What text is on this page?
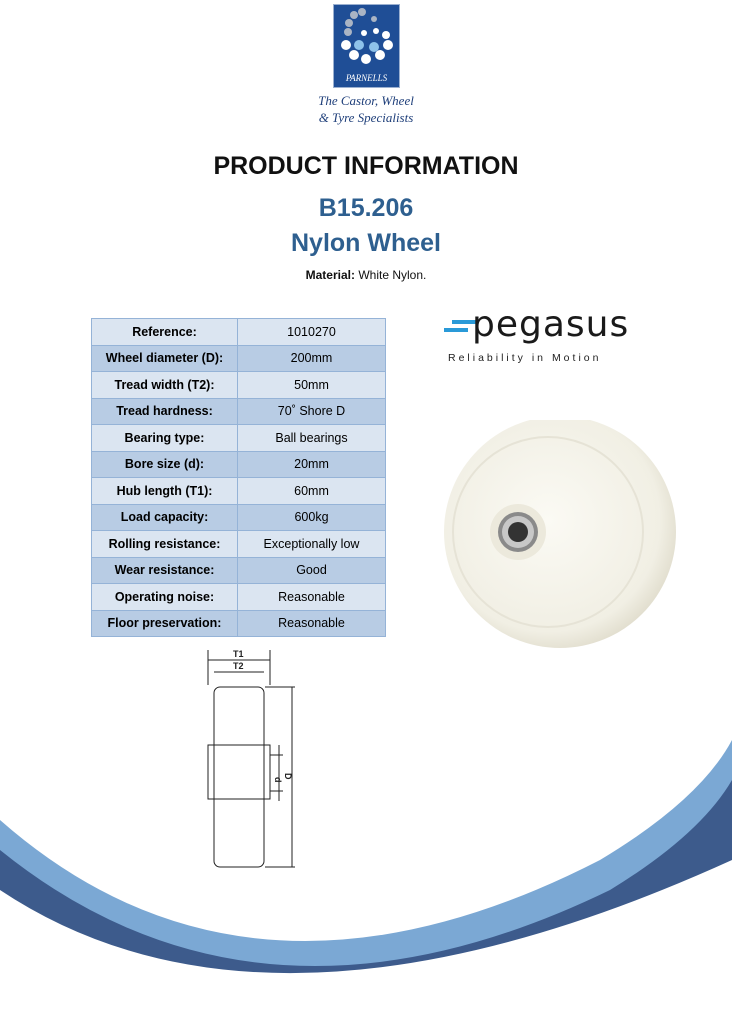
PARNELLS
The Castor, Wheel
& Tyre Specialists
PRODUCT INFORMATION
B15.206
Nylon Wheel
Material: White Nylon.
Reference:	1010270
Wheel diameter (D):	200mm
Tread width (T2):	50mm
Tread hardness:	70˚ Shore D
Bearing type:	Ball bearings
Bore size (d):	20mm
Hub length (T1):	60mm
Load capacity:	600kg
Rolling resistance:	Exceptionally low
Wear resistance:	Good
Operating noise:	Reasonable
Floor preservation:	Reasonable
pegasus
Reliability in Motion
T1
T2
d
D
